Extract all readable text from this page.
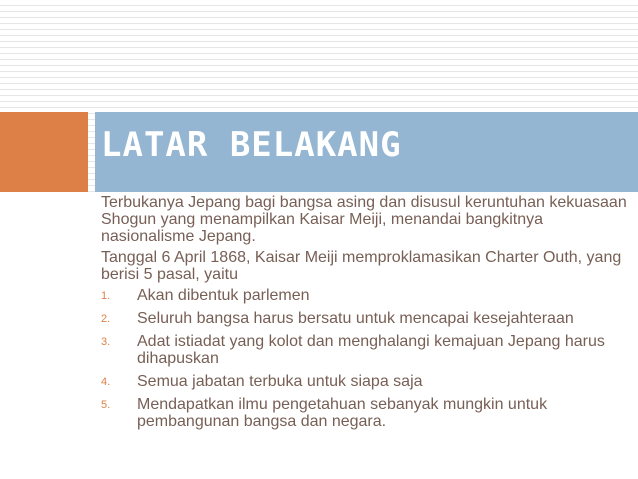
LATAR BELAKANG

Terbukanya Jepang bagi bangsa asing dan disusul keruntuhan kekuasaan Shogun yang menampilkan Kaisar Meiji, menandai bangkitnya nasionalisme Jepang.

Tanggal 6 April 1868, Kaisar Meiji memproklamasikan Charter Outh, yang berisi 5 pasal, yaitu

1.	Akan dibentuk parlemen
2.	Seluruh bangsa harus bersatu untuk mencapai kesejahteraan
3.	Adat istiadat yang kolot dan menghalangi kemajuan Jepang harus dihapuskan
4.	Semua jabatan terbuka untuk siapa saja
5.	Mendapatkan ilmu pengetahuan sebanyak mungkin untuk pembangunan bangsa dan negara.
